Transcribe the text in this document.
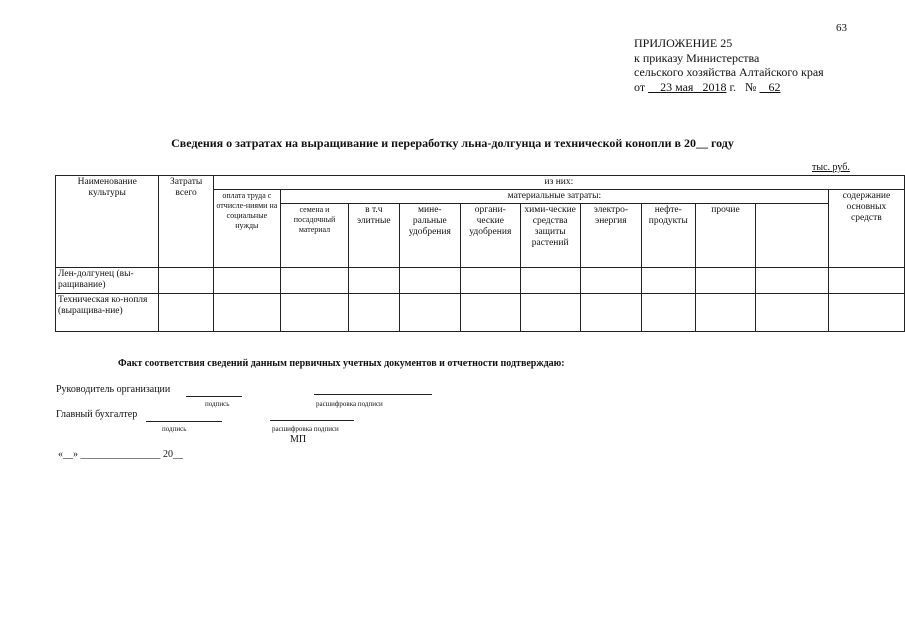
63
ПРИЛОЖЕНИЕ 25
к приказу Министерства
сельского хозяйства Алтайского края
от 23 мая 2018 г. № 62
Сведения о затратах на выращивание и переработку льна-долгунца и технической конопли в 20__ году
тыс. руб.
Наименование культуры	Затраты всего	из них:										
		оплата труда с отчисле-ниями на социальные нужды	материальные затраты:									содержание основных средств
			семена и посадочный материал	в т.ч элитные	мине-ральные удобрения	органи-ческие удобрения	хими-ческие средства защиты растений	электро-энергия	нефте-продукты	прочие		
Лен-долгунец (вы-ращивание)												
Техническая ко-нопля (выращива-ние)												
Факт соответствия сведений данным первичных учетных документов и отчетности подтверждаю:
Руководитель организации
подпись	расшифровка подписи
Главный бухгалтер
подпись	расшифровка подписи
МП
«__» ________________ 20__
